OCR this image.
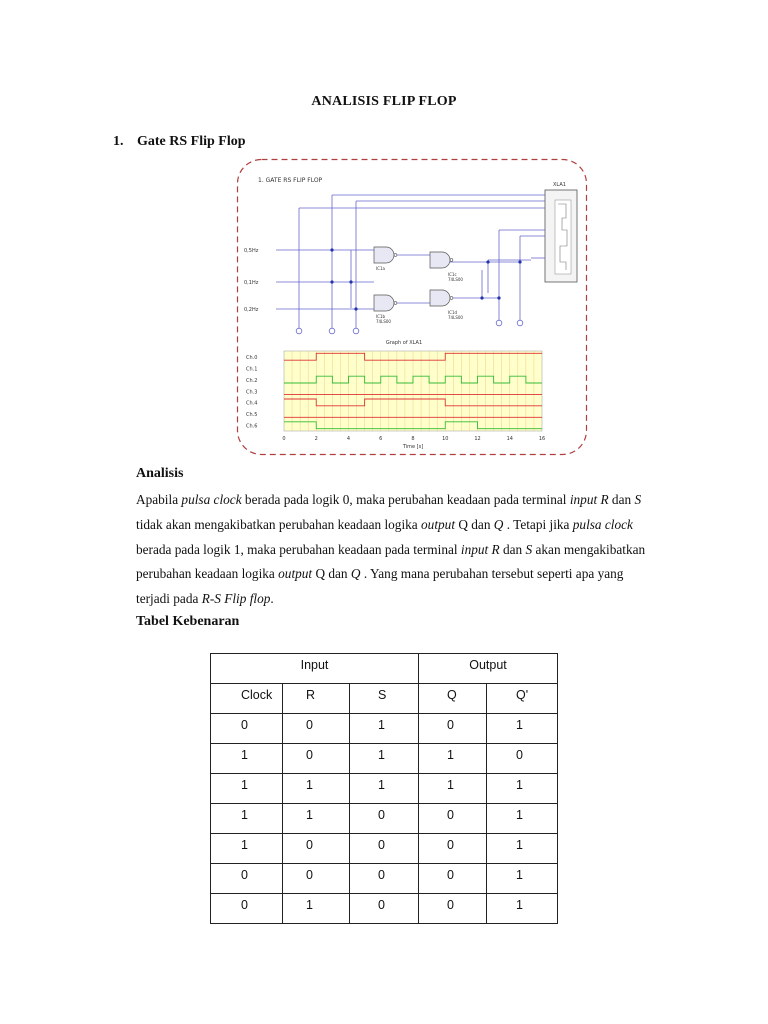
ANALISIS FLIP FLOP
1. Gate RS Flip Flop
1. GATE RS FLIP FLOP
XLA1
0,5Hz
0,1Hz
0,2Hz
IC1a
IC1b
74LS00
IC1c
74LS00
IC1d
74LS00
Graph of XLA1
Ch.0
Ch.1
Ch.2
Ch.3
Ch.4
Ch.5
Ch.6
0	2	4	6	8	10	12	14	16
Time [s]
Analisis

Apabila pulsa clock berada pada logik 0, maka perubahan keadaan pada terminal input R dan S

tidak akan mengakibatkan perubahan keadaan logika output Q dan Q . Tetapi jika pulsa clock

berada pada logik 1, maka perubahan keadaan pada terminal input R dan S akan mengakibatkan

perubahan keadaan logika output Q dan Q . Yang mana perubahan tersebut seperti apa yang

terjadi pada R-S Flip flop.

Tabel Kebenaran
Input			Output	

Clock	R	S	Q	Q'

0	0	1	0	1

1	0	1	1	0

1	1	1	1	1

1	1	0	0	1

1	0	0	0	1

0	0	0	0	1

0	1	0	0	1
